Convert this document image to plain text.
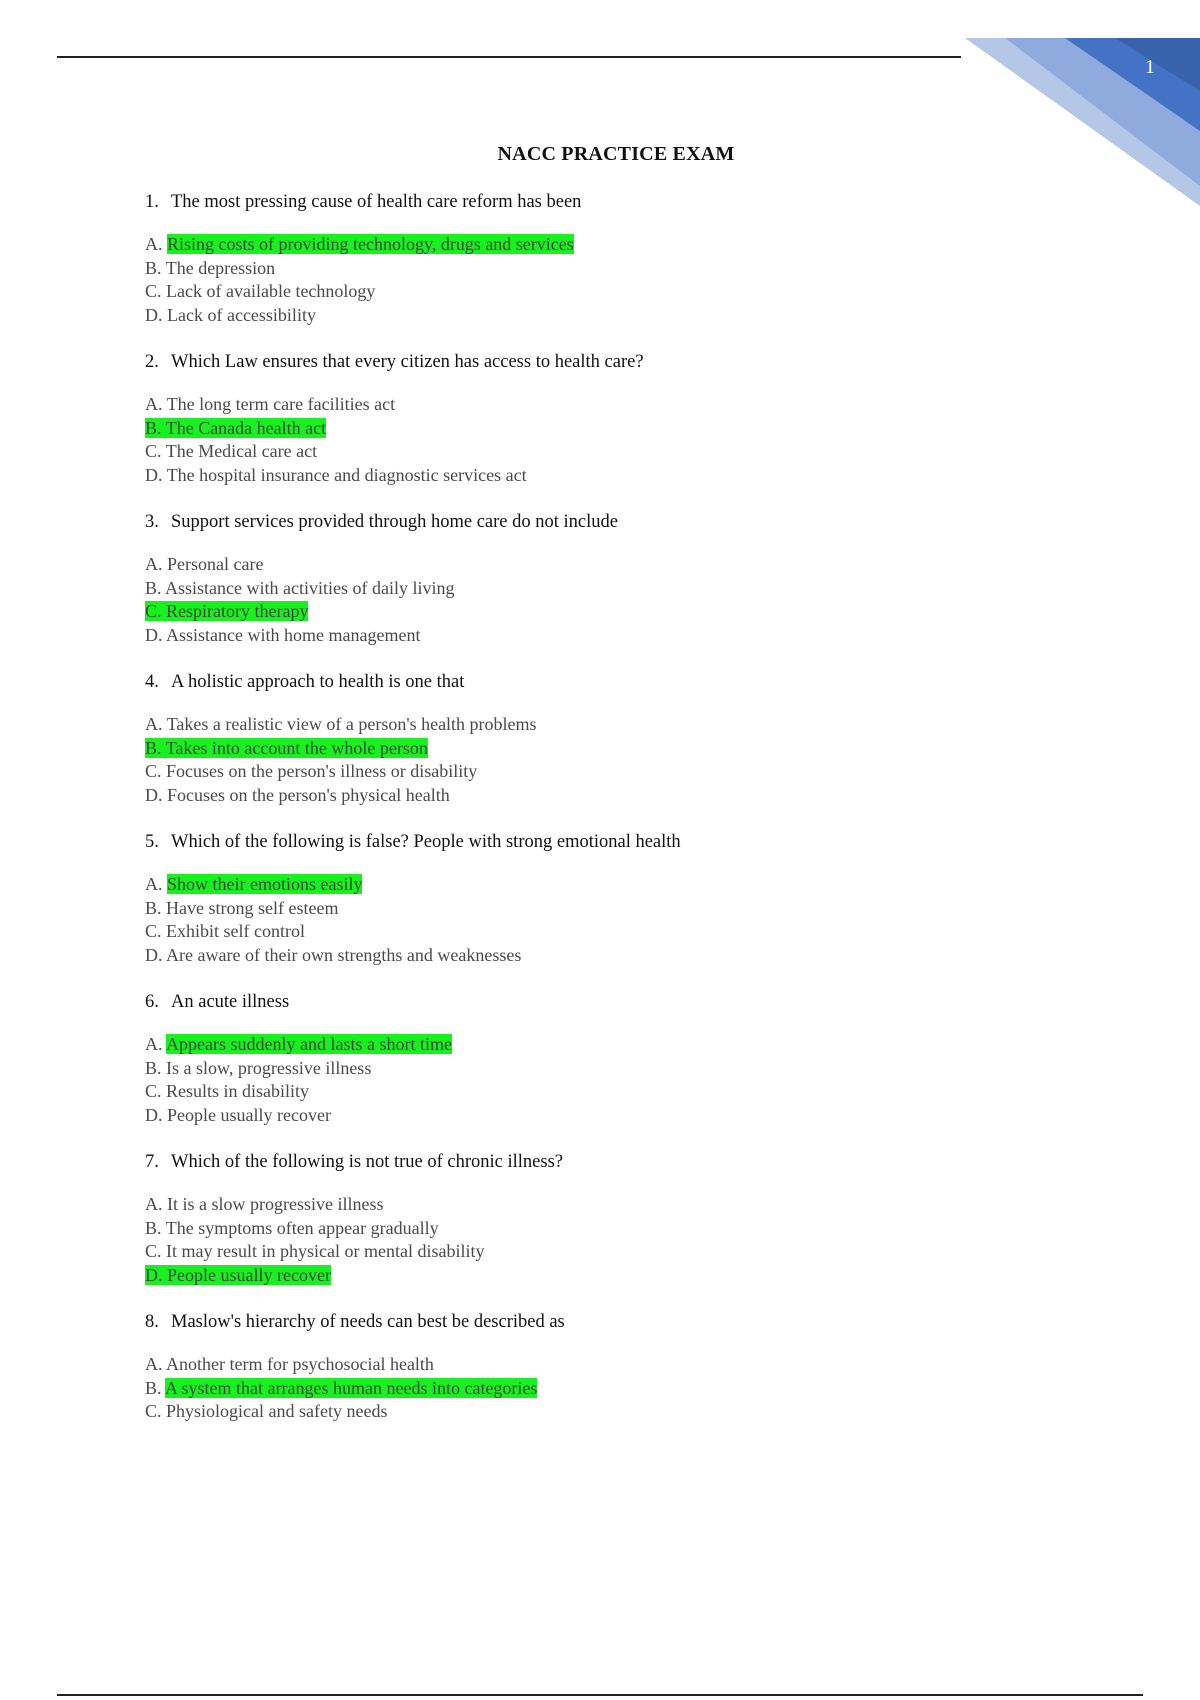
1
NACC PRACTICE EXAM
1. The most pressing cause of health care reform has been
A. Rising costs of providing technology, drugs and services
B. The depression
C. Lack of available technology
D. Lack of accessibility
2. Which Law ensures that every citizen has access to health care?
A. The long term care facilities act
B. The Canada health act
C. The Medical care act
D. The hospital insurance and diagnostic services act
3. Support services provided through home care do not include
A. Personal care
B. Assistance with activities of daily living
C. Respiratory therapy
D. Assistance with home management
4. A holistic approach to health is one that
A. Takes a realistic view of a person's health problems
B. Takes into account the whole person
C. Focuses on the person's illness or disability
D. Focuses on the person's physical health
5. Which of the following is false? People with strong emotional health
A. Show their emotions easily
B. Have strong self esteem
C. Exhibit self control
D. Are aware of their own strengths and weaknesses
6. An acute illness
A. Appears suddenly and lasts a short time
B. Is a slow, progressive illness
C. Results in disability
D. People usually recover
7. Which of the following is not true of chronic illness?
A. It is a slow progressive illness
B. The symptoms often appear gradually
C. It may result in physical or mental disability
D. People usually recover
8. Maslow's hierarchy of needs can best be described as
A. Another term for psychosocial health
B. A system that arranges human needs into categories
C. Physiological and safety needs
